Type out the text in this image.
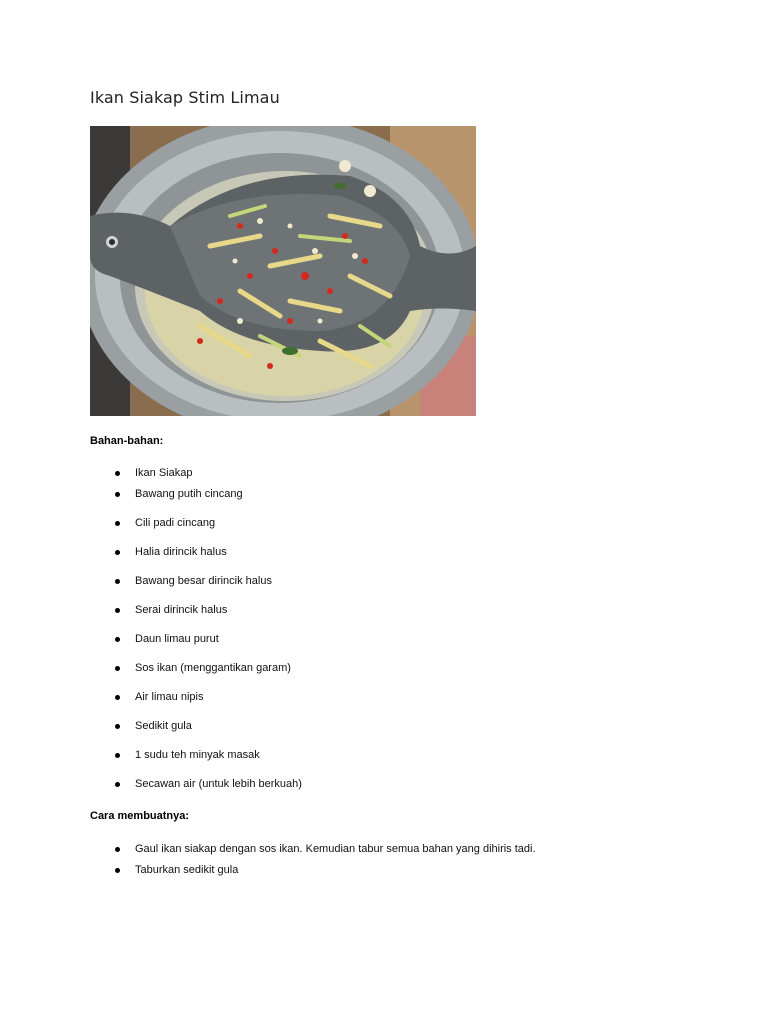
Ikan Siakap Stim Limau
Bahan-bahan:
Ikan Siakap
Bawang putih cincang
Cili padi cincang
Halia dirincik halus
Bawang besar dirincik halus
Serai dirincik halus
Daun limau purut
Sos ikan (menggantikan garam)
Air limau nipis
Sedikit gula
1 sudu teh minyak masak
Secawan air (untuk lebih berkuah)
Cara membuatnya:
Gaul ikan siakap dengan sos ikan. Kemudian tabur semua bahan yang dihiris tadi.
Taburkan sedikit gula
